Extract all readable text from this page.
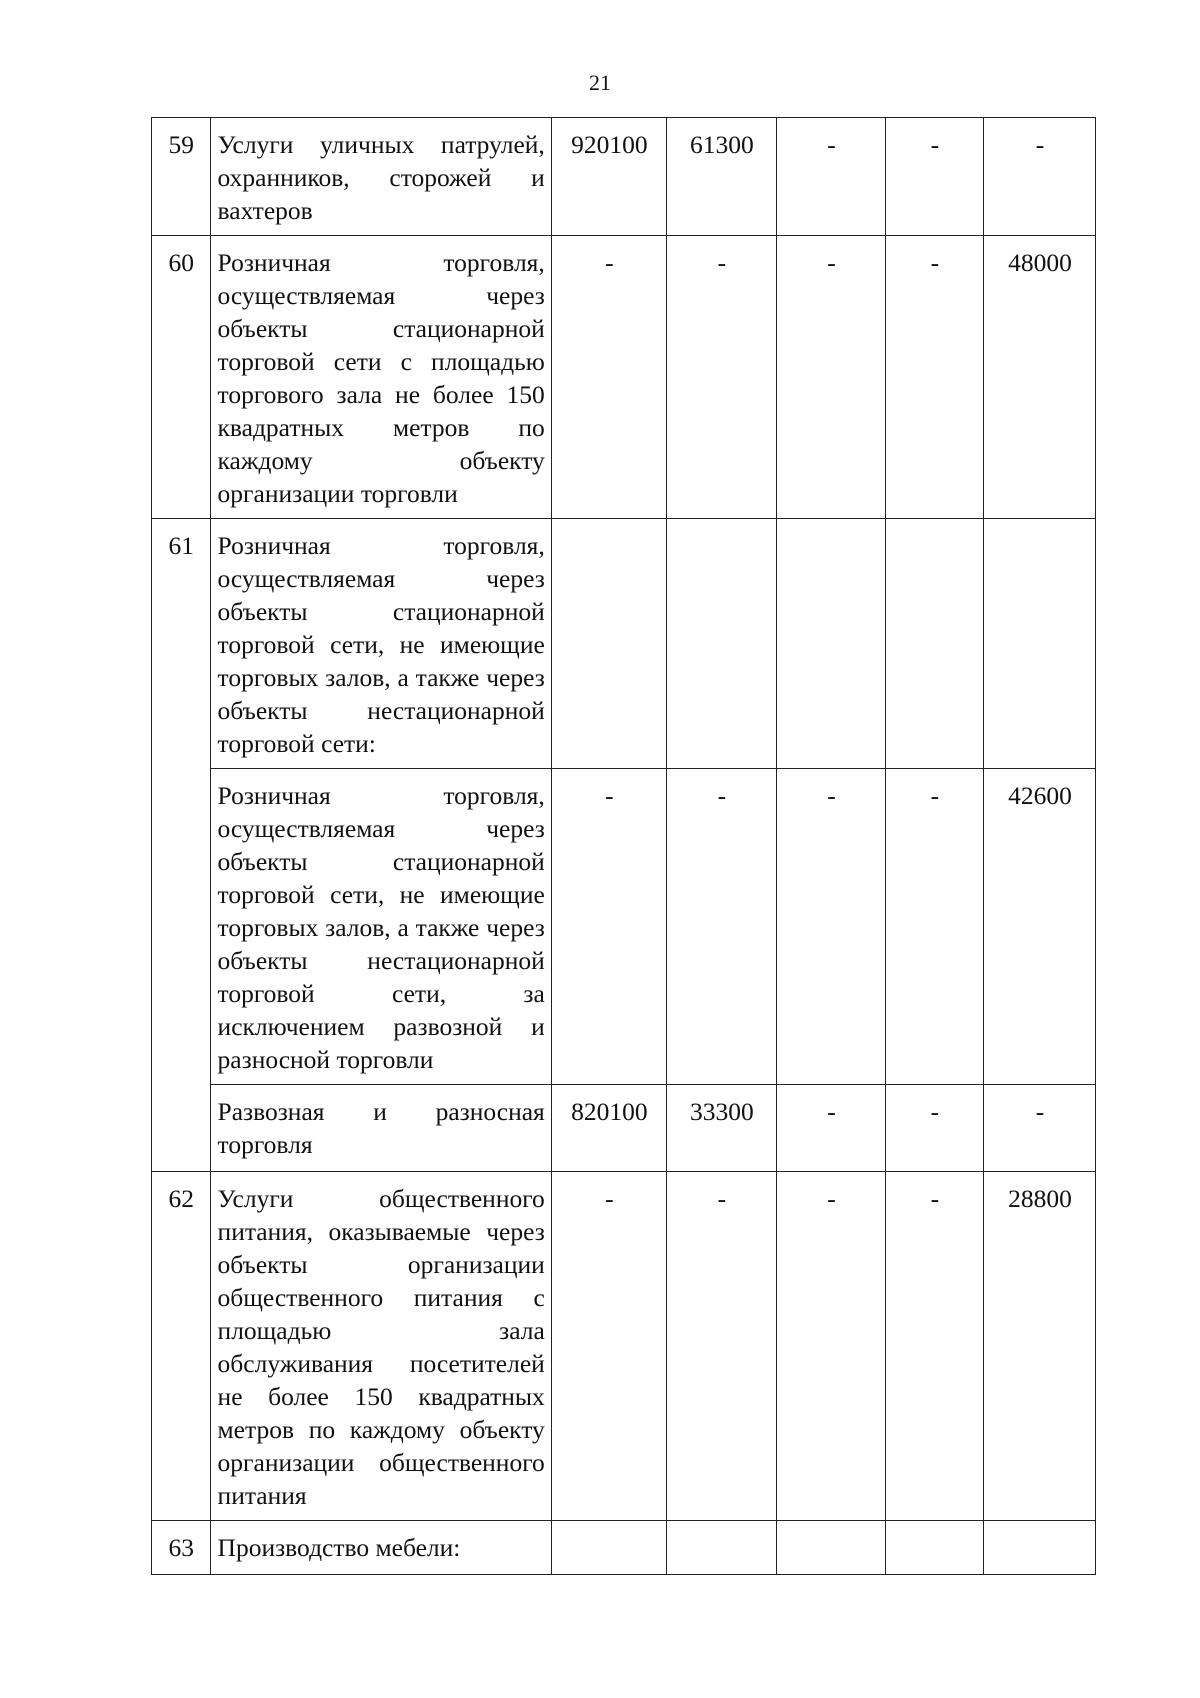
21
59	Услуги уличных патрулей, охранников, сторожей и вахтеров	920100	61300	-	-	-
60	Розничная торговля, осуществляемая через объекты стационарной торговой сети с площадью торгового зала не более 150 квадратных метров по каждому объекту организации торговли	-	-	-	-	48000
61	Розничная торговля, осуществляемая через объекты стационарной торговой сети, не имеющие торговых залов, а также через объекты нестационарной торговой сети:					
	Розничная торговля, осуществляемая через объекты стационарной торговой сети, не имеющие торговых залов, а также через объекты нестационарной торговой сети, за исключением развозной и разносной торговли	-	-	-	-	42600
	Развозная и разносная торговля	820100	33300	-	-	-
62	Услуги общественного питания, оказываемые через объекты организации общественного питания с площадью зала обслуживания посетителей не более 150 квадратных метров по каждому объекту организации общественного питания	-	-	-	-	28800
63	Производство мебели:					
